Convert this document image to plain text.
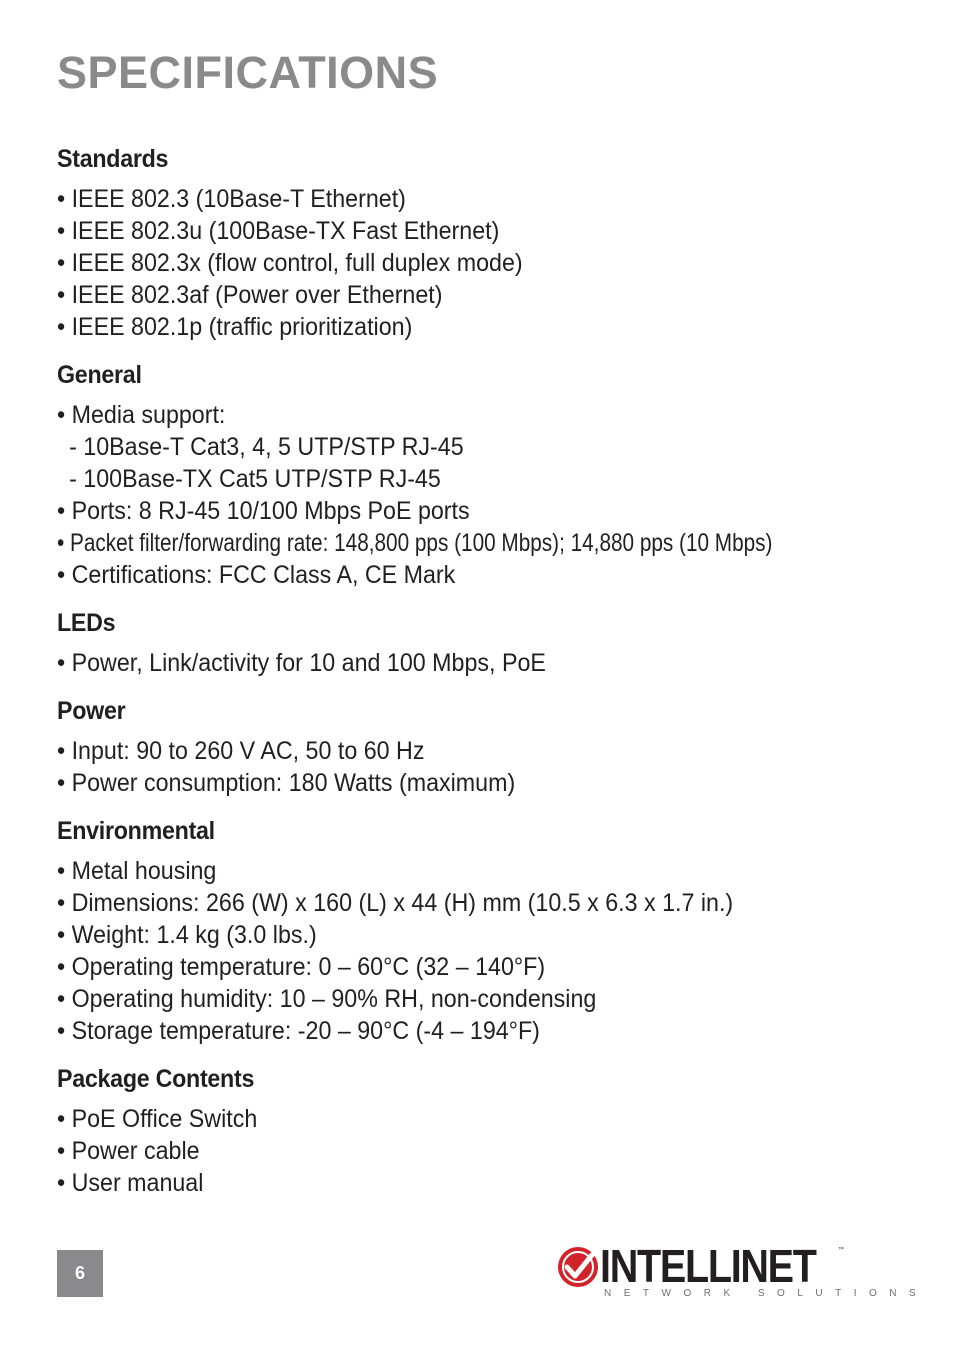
SPECIFICATIONS
Standards
• IEEE 802.3 (10Base-T Ethernet)
• IEEE 802.3u (100Base-TX Fast Ethernet)
• IEEE 802.3x (flow control, full duplex mode)
• IEEE 802.3af (Power over Ethernet)
• IEEE 802.1p (traffic prioritization)
General
• Media support:
- 10Base-T Cat3, 4, 5 UTP/STP RJ-45
- 100Base-TX Cat5 UTP/STP RJ-45
• Ports: 8 RJ-45 10/100 Mbps PoE ports
• Packet filter/forwarding rate: 148,800 pps (100 Mbps); 14,880 pps (10 Mbps)
• Certifications: FCC Class A, CE Mark
LEDs
• Power, Link/activity for 10 and 100 Mbps, PoE
Power
• Input: 90 to 260 V AC, 50 to 60 Hz
• Power consumption: 180 Watts (maximum)
Environmental
• Metal housing
• Dimensions: 266 (W) x 160 (L) x 44 (H) mm (10.5 x 6.3 x 1.7 in.)
• Weight: 1.4 kg (3.0 lbs.)
• Operating temperature: 0 – 60°C (32 – 140°F)
• Operating humidity: 10 – 90% RH, non-condensing
• Storage temperature: -20 – 90°C (-4 – 194°F)
Package Contents
• PoE Office Switch
• Power cable
• User manual
6	INTELLINET	™
NETWORK SOLUTIONS
